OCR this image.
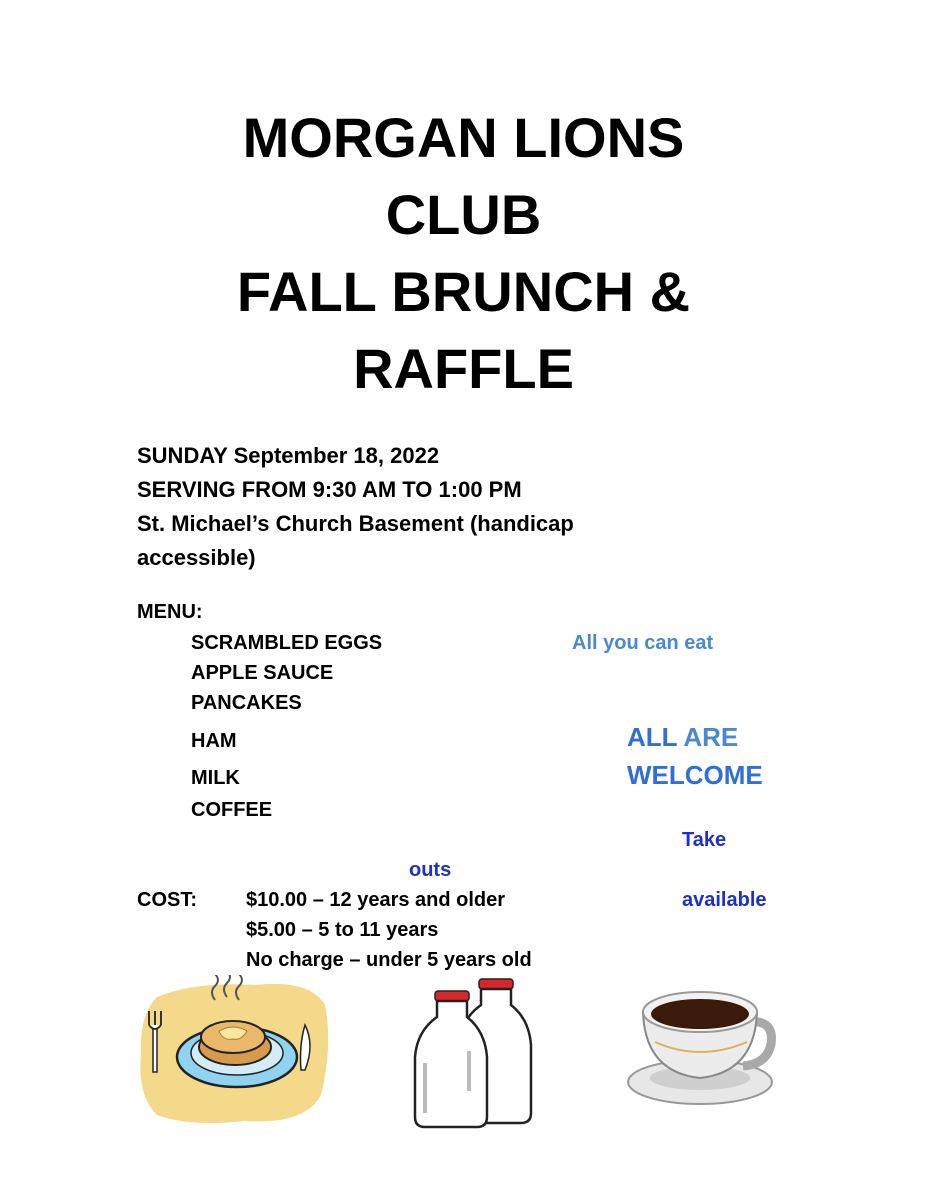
MORGAN LIONS
CLUB
FALL BRUNCH &
RAFFLE
SUNDAY September 18, 2022
SERVING FROM 9:30 AM TO 1:00 PM
St. Michael’s Church Basement (handicap
accessible)
MENU:
SCRAMBLED EGGS
APPLE SAUCE
PANCAKES
HAM
MILK
COFFEE
All you can eat
ALL ARE
WELCOME
Take
outs
available
COST: $10.00 – 12 years and older
$5.00 – 5 to 11 years
No charge – under 5 years old
